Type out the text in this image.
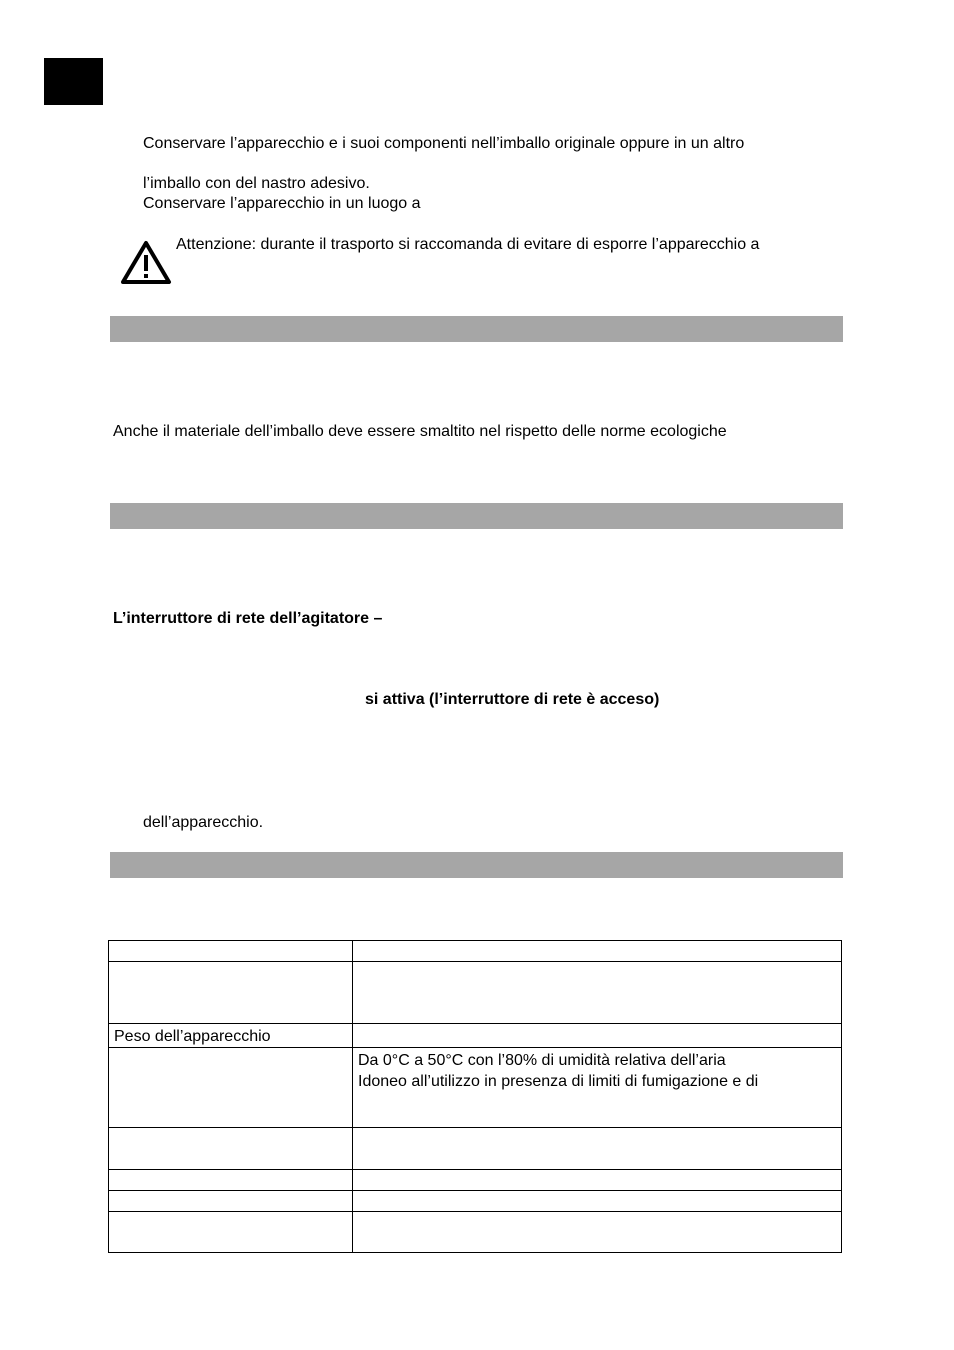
Conservare l’apparecchio e i suoi componenti nell’imballo originale oppure in un altro
l’imballo con del nastro adesivo.
Conservare l’apparecchio in un luogo a
Attenzione: durante il trasporto si raccomanda di evitare di esporre l’apparecchio a
Anche il materiale dell’imballo deve essere smaltito nel rispetto delle norme ecologiche
L’interruttore di rete dell’agitatore –
si attiva (l’interruttore di rete è acceso)
dell’apparecchio.

Peso dell’apparecchio	

	Da 0°C a 50°C con l’80% di umidità relativa dell’aria
Idoneo all’utilizzo in presenza di limiti di fumigazione e di
